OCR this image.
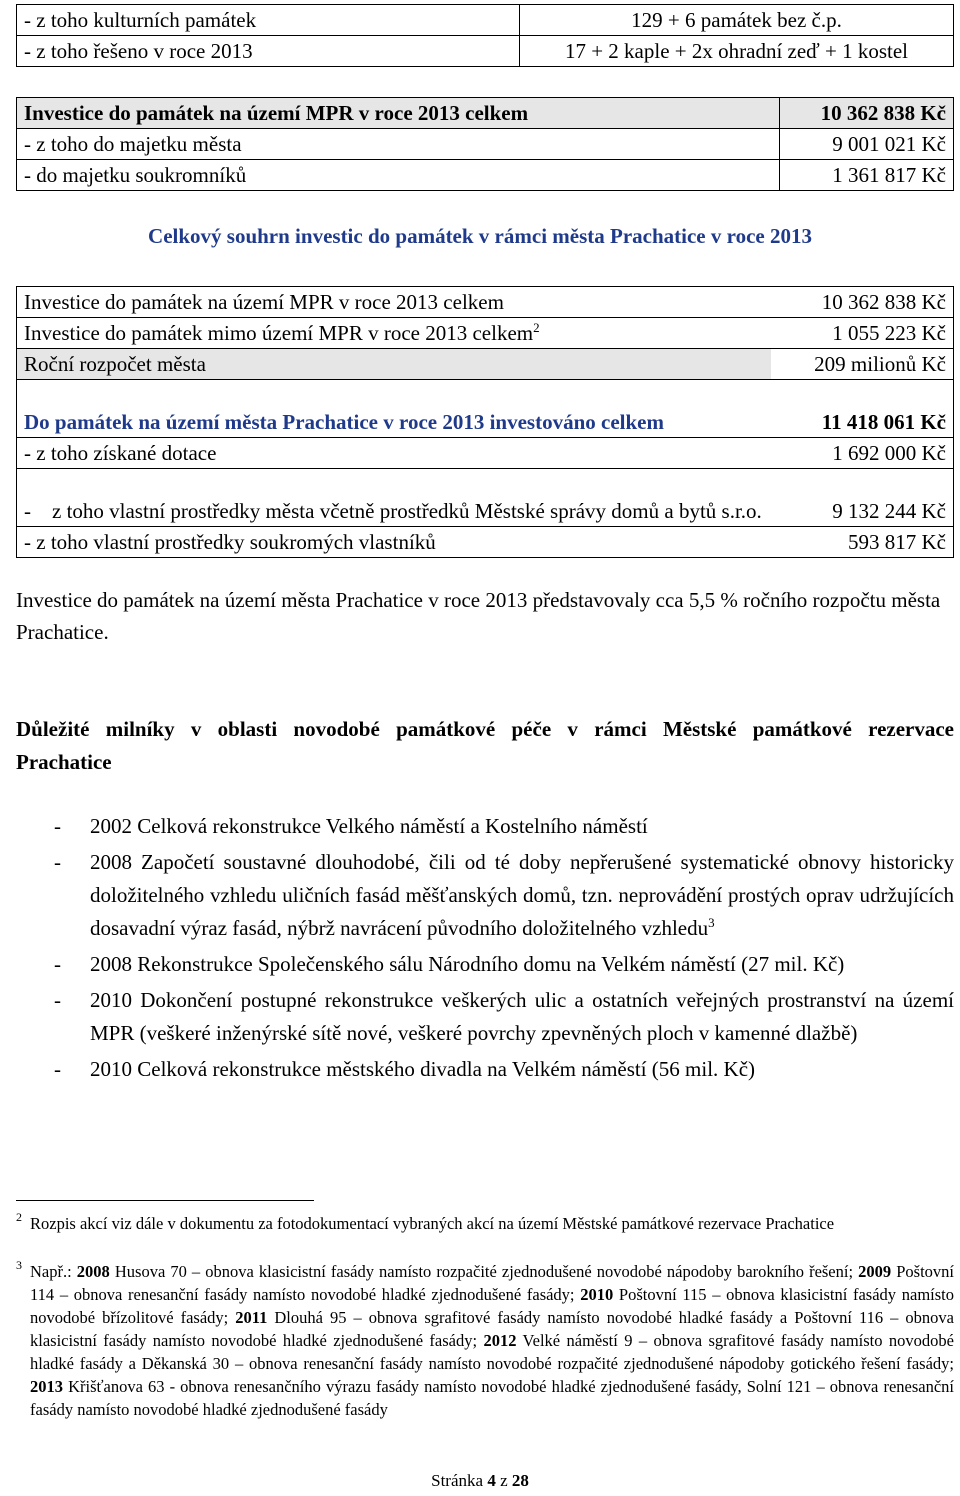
- z toho kulturních památek	129 + 6 památek bez č.p.
- z toho řešeno v roce 2013	17 + 2 kaple + 2x ohradní zeď + 1 kostel
Investice do památek na území MPR v roce 2013 celkem	10 362 838 Kč
- z toho do majetku města	9 001 021 Kč
- do majetku soukromníků	1 361 817 Kč
Celkový souhrn investic do památek v rámci města Prachatice v roce 2013
Investice do památek na území MPR v roce 2013 celkem	10 362 838 Kč
Investice do památek mimo území MPR v roce 2013 celkem$^2$	1 055 223 Kč
Roční rozpočet města	209 milionů Kč
Do památek na území města Prachatice v roce 2013 investováno celkem	11 418 061 Kč
- z toho získané dotace	1 692 000 Kč

- z toho vlastní prostředky města včetně prostředků Městské správy domů a bytů s.r.o.	9 132 244 Kč
- z toho vlastní prostředky soukromých vlastníků	593 817 Kč
Investice do památek na území města Prachatice v roce 2013 představovaly cca 5,5 % ročního rozpočtu města Prachatice.
Důležité milníky v oblasti novodobé památkové péče v rámci Městské památkové rezervace Prachatice
- 2002 Celková rekonstrukce Velkého náměstí a Kostelního náměstí
- 2008 Započetí soustavné dlouhodobé, čili od té doby nepřerušené systematické obnovy historicky doložitelného vzhledu uličních fasád měšťanských domů, tzn. neprovádění prostých oprav udržujících dosavadní výraz fasád, nýbrž navrácení původního doložitelného vzhledu$^3$
- 2008 Rekonstrukce Společenského sálu Národního domu na Velkém náměstí (27 mil. Kč)
- 2010 Dokončení postupné rekonstrukce veškerých ulic a ostatních veřejných prostranství na území MPR (veškeré inženýrské sítě nové, veškeré povrchy zpevněných ploch v kamenné dlažbě)
- 2010 Celková rekonstrukce městského divadla na Velkém náměstí (56 mil. Kč)
2 Rozpis akcí viz dále v dokumentu za fotodokumentací vybraných akcí na území Městské památkové rezervace Prachatice
3 Např.: 2008 Husova 70 – obnova klasicistní fasády namísto rozpačité zjednodušené novodobé nápodoby barokního řešení; 2009 Poštovní 114 – obnova renesanční fasády namísto novodobé hladké zjednodušené fasády; 2010 Poštovní 115 – obnova klasicistní fasády namísto novodobé břízolitové fasády; 2011 Dlouhá 95 – obnova sgrafitové fasády namísto novodobé hladké fasády a Poštovní 116 – obnova klasicistní fasády namísto novodobé hladké zjednodušené fasády; 2012 Velké náměstí 9 – obnova sgrafitové fasády namísto novodobé hladké fasády a Děkanská 30 – obnova renesanční fasády namísto novodobé rozpačité zjednodušené nápodoby gotického řešení fasády; 2013 Křišťanova 63 - obnova renesančního výrazu fasády namísto novodobé hladké zjednodušené fasády, Solní 121 – obnova renesanční fasády namísto novodobé hladké zjednodušené fasády
Stránka 4 z 28
